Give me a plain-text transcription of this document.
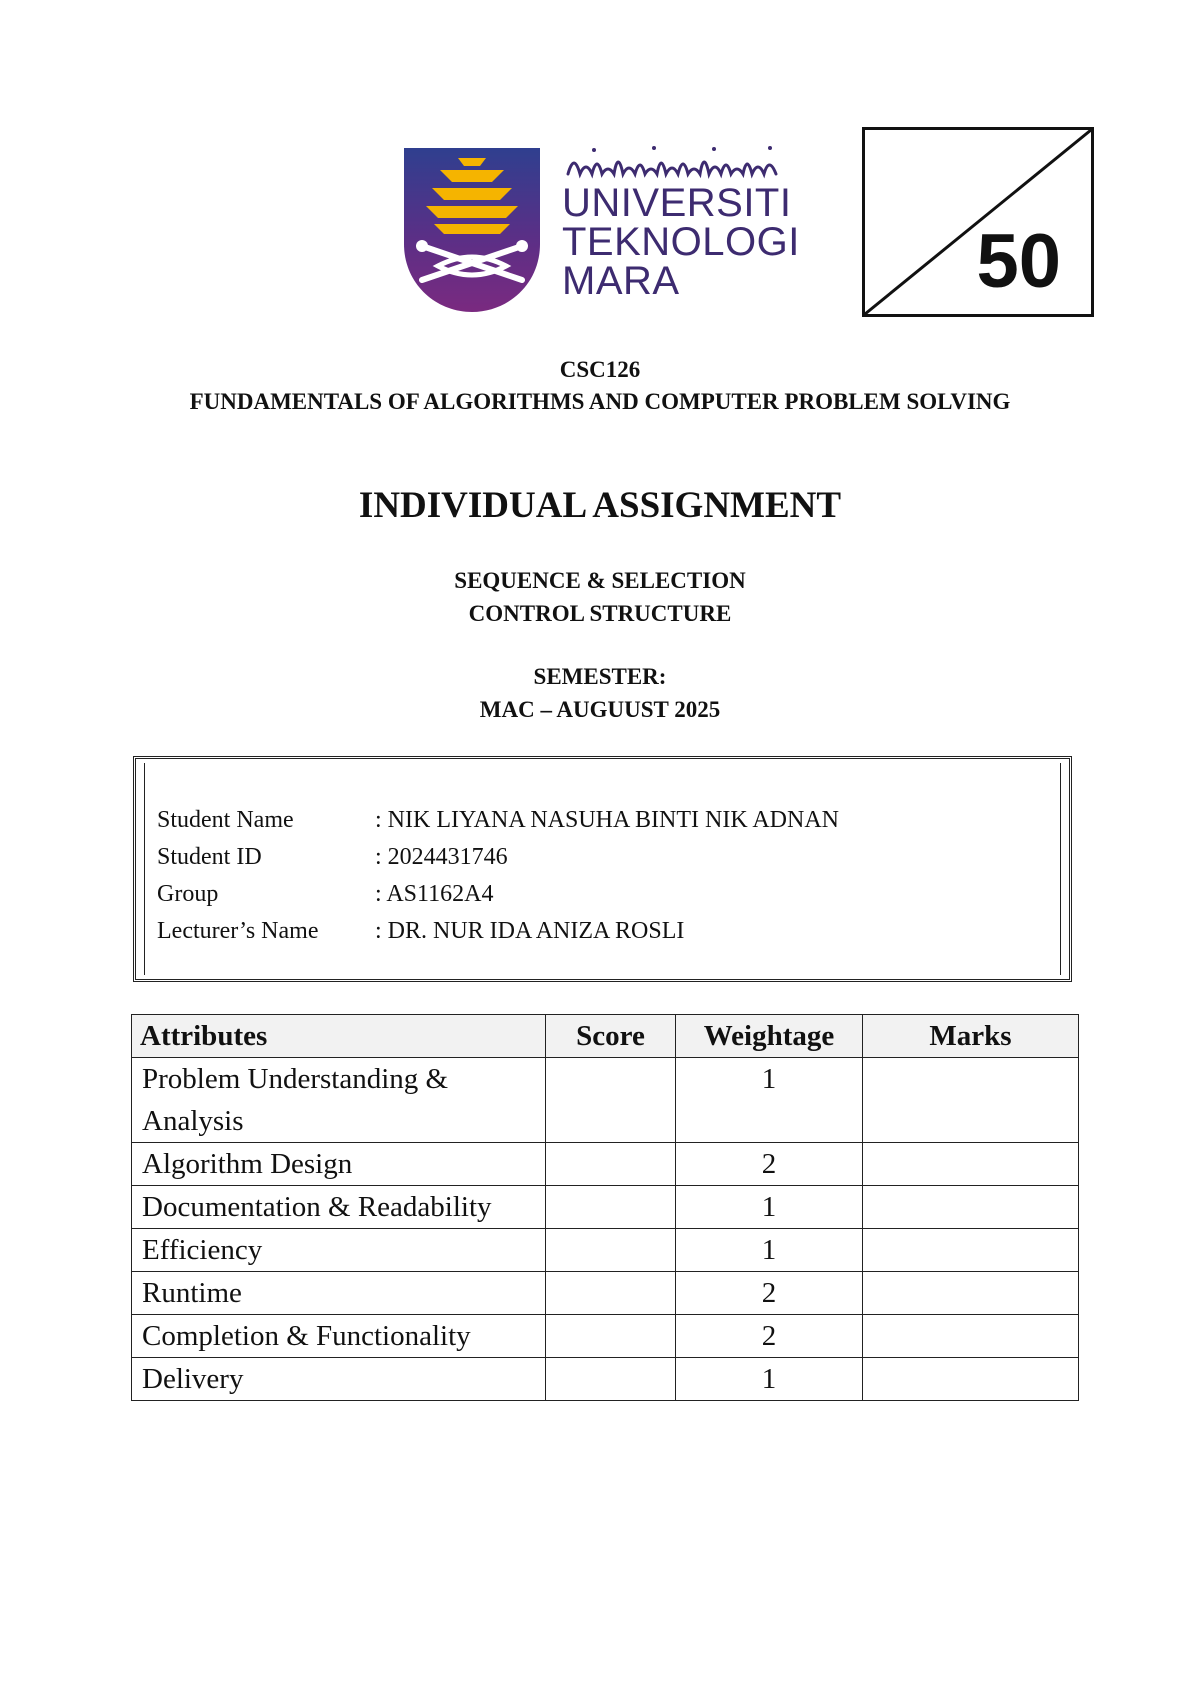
UNIVERSITI
TEKNOLOGI
MARA	50
CSC126
FUNDAMENTALS OF ALGORITHMS AND COMPUTER PROBLEM SOLVING
INDIVIDUAL ASSIGNMENT
SEQUENCE & SELECTION
CONTROL STRUCTURE
SEMESTER:
MAC – AUGUUST 2025
Student Name	: NIK LIYANA NASUHA BINTI NIK ADNAN
Student ID	: 2024431746
Group	: AS1162A4
Lecturer’s Name : DR. NUR IDA ANIZA ROSLI
Attributes	Score	Weightage	Marks
Problem Understanding & Analysis		1	
Algorithm Design		2	
Documentation & Readability		1	
Efficiency		1	
Runtime		2	
Completion & Functionality		2	
Delivery		1	
